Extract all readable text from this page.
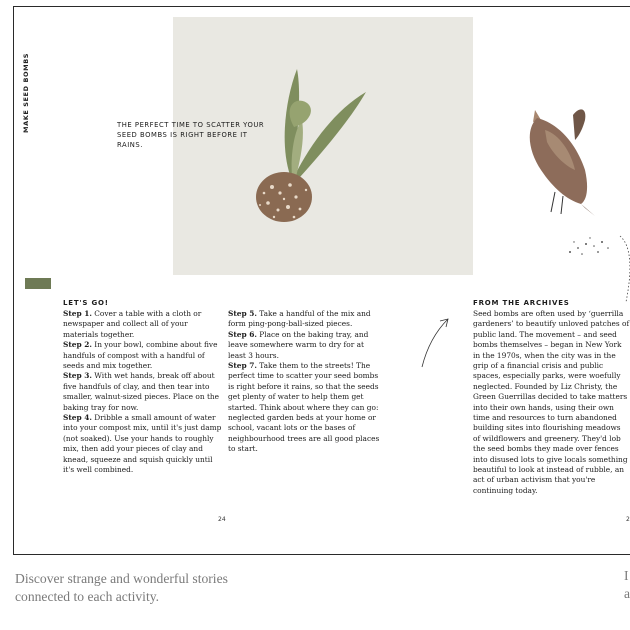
MAKE SEED BOMBS	THE PERFECT TIME TO SCATTER YOUR SEED BOMBS IS RIGHT BEFORE IT RAINS.
LET'S GO!

Step 1. Cover a table with a cloth or newspaper and collect all of your materials together.

Step 2. In your bowl, combine about five handfuls of compost with a handful of seeds and mix together.

Step 3. With wet hands, break off about five handfuls of clay, and then tear into smaller, walnut-sized pieces. Place on the baking tray for now.

Step 4. Dribble a small amount of water into your compost mix, until it's just damp (not soaked). Use your hands to roughly mix, then add your pieces of clay and knead, squeeze and squish quickly until it's well combined.

Step 5. Take a handful of the mix and form ping-pong-ball-sized pieces.

Step 6. Place on the baking tray, and leave somewhere warm to dry for at least 3 hours.

Step 7. Take them to the streets! The perfect time to scatter your seed bombs is right before it rains, so that the seeds get plenty of water to help them get started. Think about where they can go: neglected garden beds at your home or school, vacant lots or the bases of neighbourhood trees are all good places to start.

FROM THE ARCHIVES

Seed bombs are often used by ‘guerrilla gardeners’ to beautify unloved patches of public land. The movement – and seed bombs themselves – began in New York in the 1970s, when the city was in the grip of a financial crisis and public spaces, especially parks, were woefully neglected. Founded by Liz Christy, the Green Guerrillas decided to take matters into their own hands, using their own time and resources to turn abandoned building sites into flourishing meadows of wildflowers and greenery. They'd lob the seed bombs they made over fences into disused lots to give locals something beautiful to look at instead of rubble, an act of urban activism that you're continuing today.

24	2
Discover strange and wonderful stories
connected to each activity.
I
a
